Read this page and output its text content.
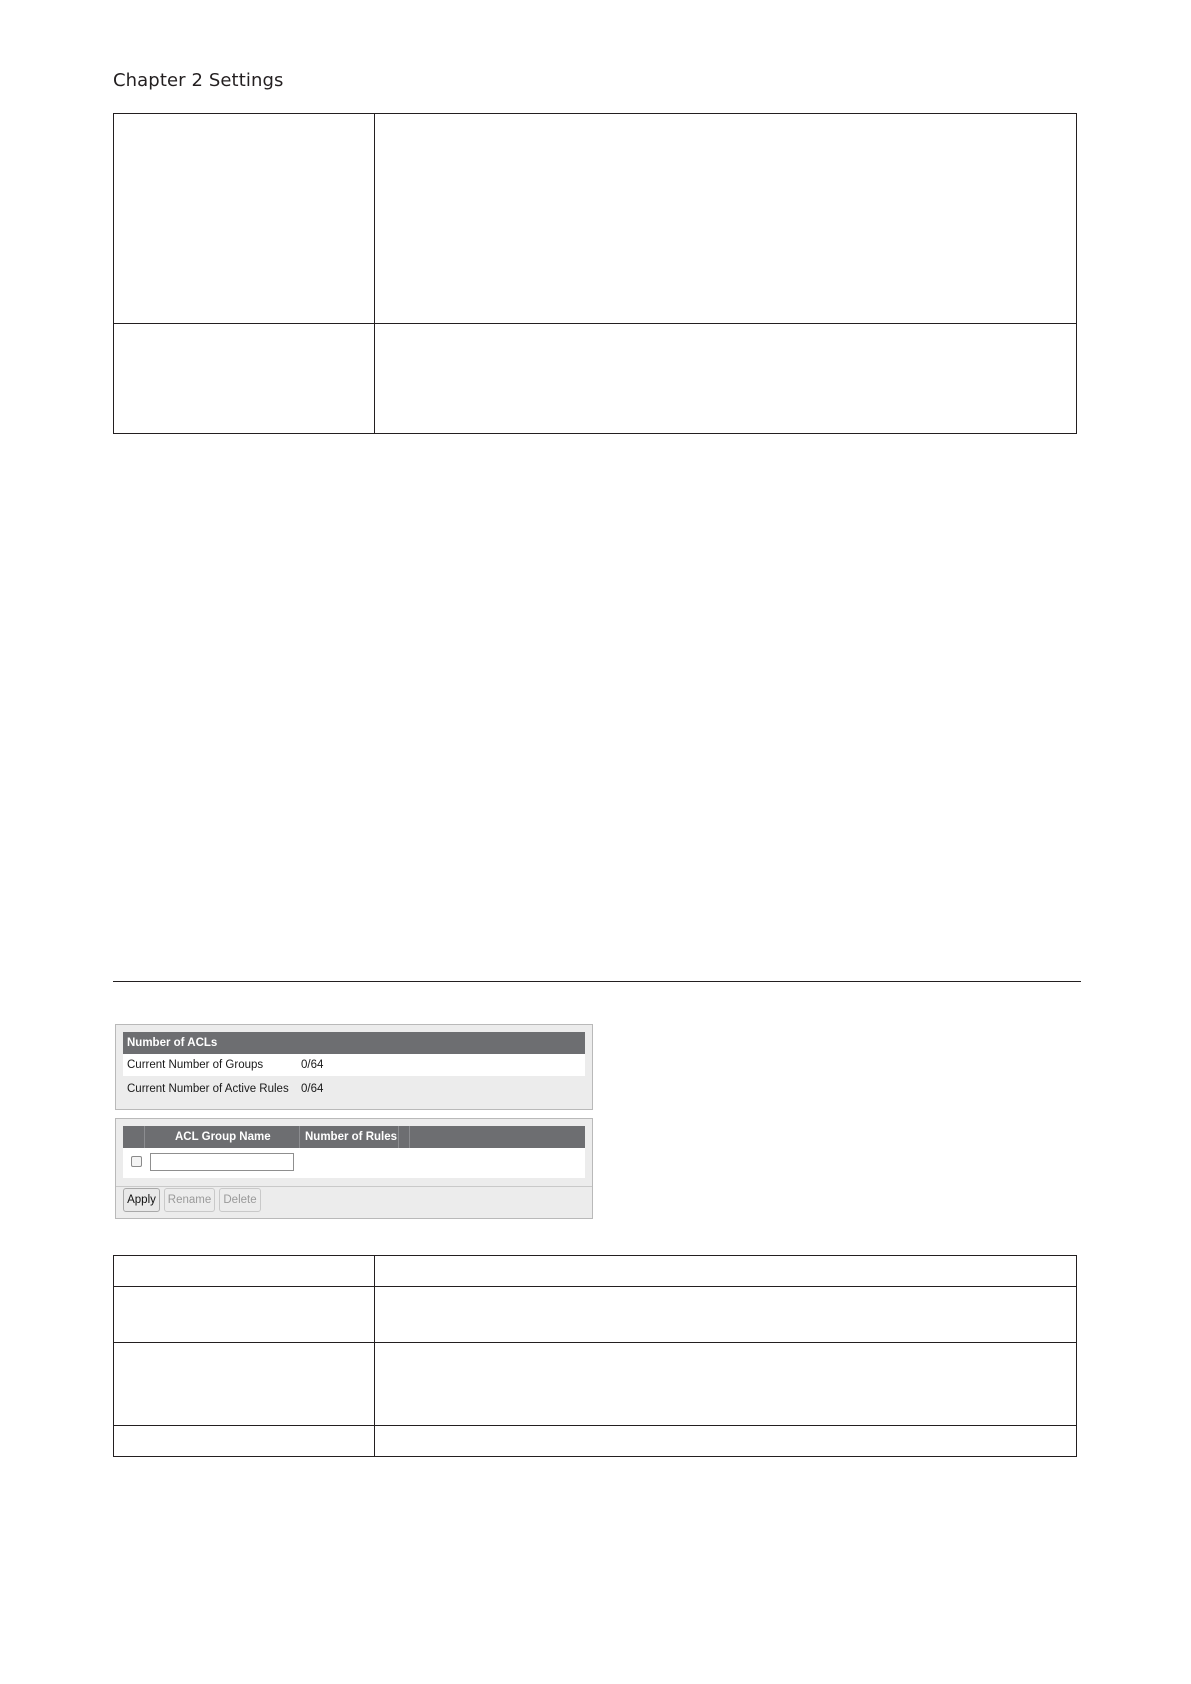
Chapter 2 Settings

Number of ACLs
Current Number of Groups	0/64
Current Number of Active Rules 0/64
ACL Group Name	Number of Rules
Apply	Rename	Delete
